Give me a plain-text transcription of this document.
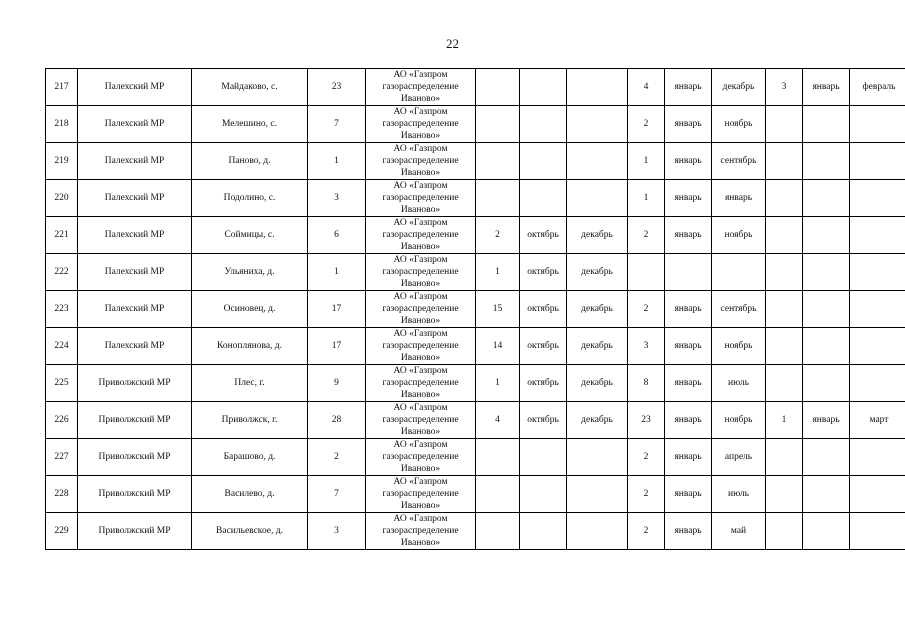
22
217	Палехский МР	Майдаково, с.	23	АО «Газпром
газораспределение
Иваново»				4	январь	декабрь	3	январь	февраль
218	Палехский МР	Мелешино, с.	7	АО «Газпром
газораспределение
Иваново»				2	январь	ноябрь			
219	Палехский МР	Паново, д.	1	АО «Газпром
газораспределение
Иваново»				1	январь	сентябрь			
220	Палехский МР	Подолино, с.	3	АО «Газпром
газораспределение
Иваново»				1	январь	январь			
221	Палехский МР	Соймицы, с.	6	АО «Газпром
газораспределение
Иваново»	2	октябрь	декабрь	2	январь	ноябрь			
222	Палехский МР	Ульяниха, д.	1	АО «Газпром
газораспределение
Иваново»	1	октябрь	декабрь						
223	Палехский МР	Осиновец, д.	17	АО «Газпром
газораспределение
Иваново»	15	октябрь	декабрь	2	январь	сентябрь			
224	Палехский МР	Коноплянова, д.	17	АО «Газпром
газораспределение
Иваново»	14	октябрь	декабрь	3	январь	ноябрь			
225	Приволжский МР	Плес, г.	9	АО «Газпром
газораспределение
Иваново»	1	октябрь	декабрь	8	январь	июль			
226	Приволжский МР	Приволжск, г.	28	АО «Газпром
газораспределение
Иваново»	4	октябрь	декабрь	23	январь	ноябрь	1	январь	март
227	Приволжский МР	Барашово, д.	2	АО «Газпром
газораспределение
Иваново»				2	январь	апрель			
228	Приволжский МР	Василево, д.	7	АО «Газпром
газораспределение
Иваново»				2	январь	июль			
229	Приволжский МР	Васильевское, д.	3	АО «Газпром
газораспределение
Иваново»				2	январь	май			
